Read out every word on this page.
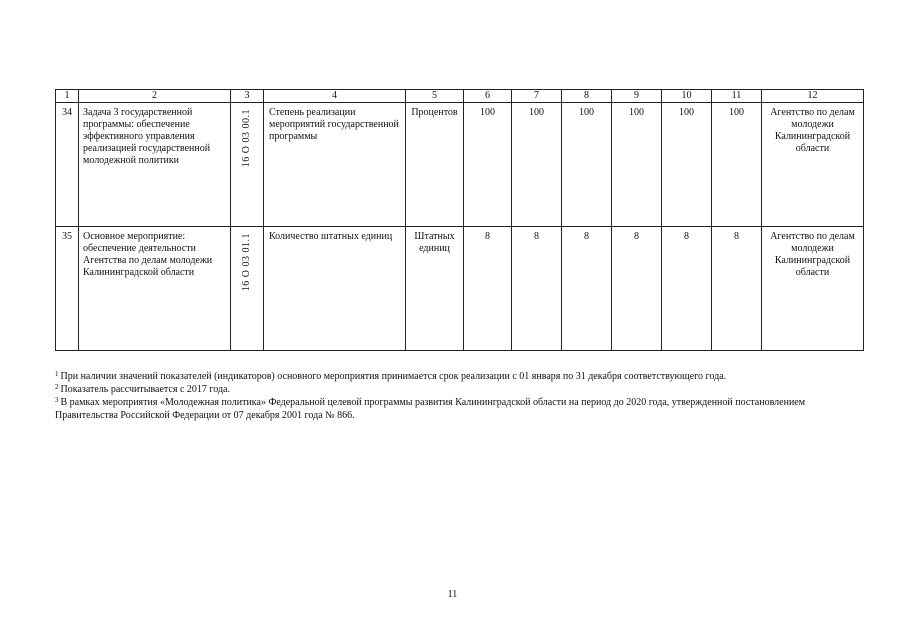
1	2	3	4	5	6	7	8	9	10	11	12
34	Задача 3 государственной программы: обеспечение эффективного управления реализацией государственной молодежной политики	16 О 03 00.1	Степень реализации мероприятий государственной программы	Процентов	100	100	100	100	100	100	Агентство по делам молодежи Калининградской области
35	Основное мероприятие: обеспечение деятельности Агентства по делам молодежи Калининградской области	16 О 03 01.1	Количество штатных единиц	Штатных единиц	8	8	8	8	8	8	Агентство по делам молодежи Калининградской области

$^1$ При наличии значений показателей (индикаторов) основного мероприятия принимается срок реализации с 01 января по 31 декабря соответствующего года.

$^2$ Показатель рассчитывается с 2017 года.

$^3$ В рамках мероприятия «Молодежная политика» Федеральной целевой программы развития Калининградской области на период до 2020 года, утвержденной постановлением Правительства Российской Федерации от 07 декабря 2001 года № 866.

11
